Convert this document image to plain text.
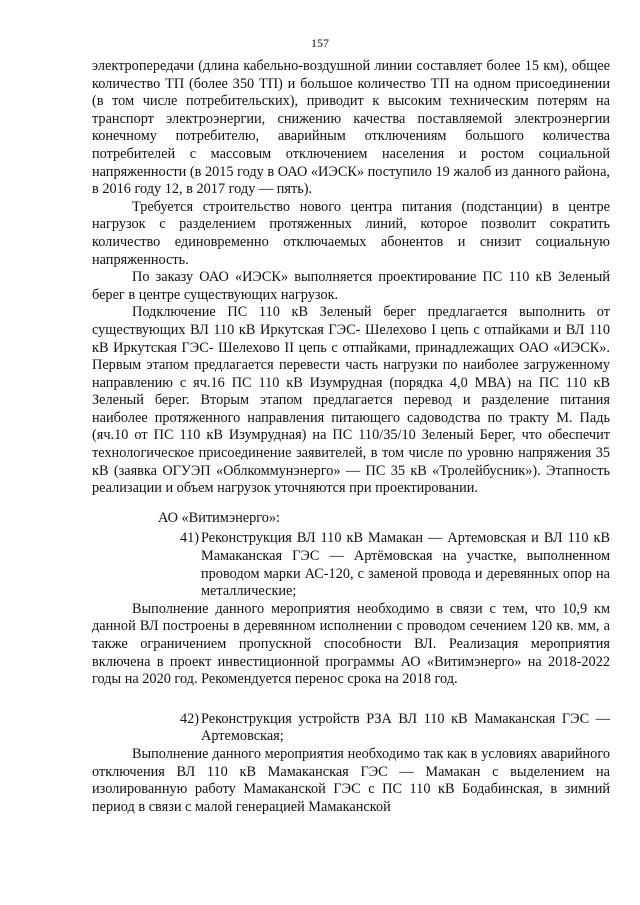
157

электропередачи (длина кабельно-воздушной линии составляет более 15 км), общее количество ТП (более 350 ТП) и большое количество ТП на одном присоединении (в том числе потребительских), приводит к высоким техническим потерям на транспорт электроэнергии, снижению качества поставляемой электроэнергии конечному потребителю, аварийным отключениям большого количества потребителей с массовым отключением населения и ростом социальной напряженности (в 2015 году в ОАО «ИЭСК» поступило 19 жалоб из данного района, в 2016 году 12, в 2017 году — пять).

Требуется строительство нового центра питания (подстанции) в центре нагрузок с разделением протяженных линий, которое позволит сократить количество единовременно отключаемых абонентов и снизит социальную напряженность.

По заказу ОАО «ИЭСК» выполняется проектирование ПС 110 кВ Зеленый берег в центре существующих нагрузок.

Подключение ПС 110 кВ Зеленый берег предлагается выполнить от существующих ВЛ 110 кВ Иркутская ГЭС- Шелехово I цепь с отпайками и ВЛ 110 кВ Иркутская ГЭС- Шелехово II цепь с отпайками, принадлежащих ОАО «ИЭСК». Первым этапом предлагается перевести часть нагрузки по наиболее загруженному направлению с яч.16 ПС 110 кВ Изумрудная (порядка 4,0 МВА) на ПС 110 кВ Зеленый берег. Вторым этапом предлагается перевод и разделение питания наиболее протяженного направления питающего садоводства по тракту М. Падь (яч.10 от ПС 110 кВ Изумрудная) на ПС 110/35/10 Зеленый Берег, что обеспечит технологическое присоединение заявителей, в том числе по уровню напряжения 35 кВ (заявка ОГУЭП «Облкоммунэнерго» — ПС 35 кВ «Тролейбусник»). Этапность реализации и объем нагрузок уточняются при проектировании.

АО «Витимэнерго»:

41) Реконструкция ВЛ 110 кВ Мамакан — Артемовская и ВЛ 110 кВ Мамаканская ГЭС — Артёмовская на участке, выполненном проводом марки АС-120, с заменой провода и деревянных опор на металлические;

Выполнение данного мероприятия необходимо в связи с тем, что 10,9 км данной ВЛ построены в деревянном исполнении с проводом сечением 120 кв. мм, а также ограничением пропускной способности ВЛ. Реализация мероприятия включена в проект инвестиционной программы АО «Витимэнерго» на 2018-2022 годы на 2020 год. Рекомендуется перенос срока на 2018 год.

42) Реконструкция устройств РЗА ВЛ 110 кВ Мамаканская ГЭС — Артемовская;

Выполнение данного мероприятия необходимо так как в условиях аварийного отключения ВЛ 110 кВ Мамаканская ГЭС — Мамакан с выделением на изолированную работу Мамаканской ГЭС с ПС 110 кВ Бодабинская, в зимний период в связи с малой генерацией Мамаканской
